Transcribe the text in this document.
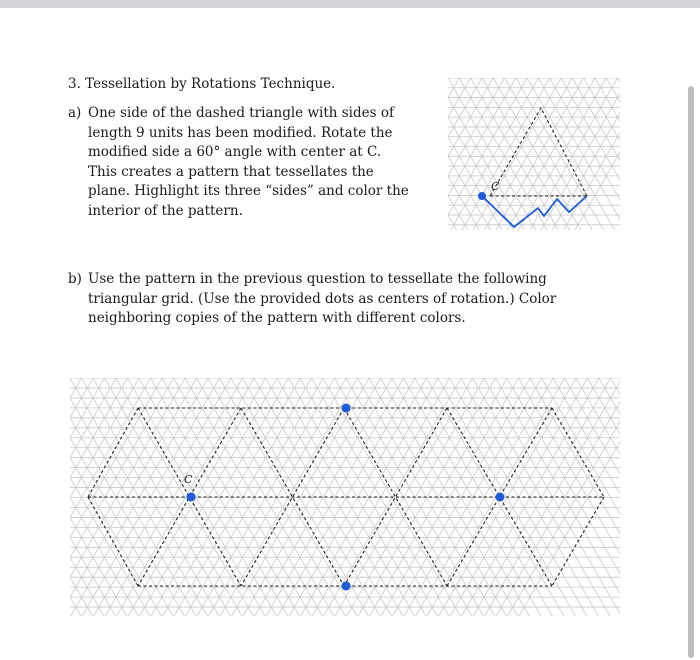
3. Tessellation by Rotations Technique.
a) One side of the dashed triangle with sides of length 9 units has been modified. Rotate the modified side a 60° angle with center at C. This creates a pattern that tessellates the plane. Highlight its three “sides” and color the interior of the pattern.
b) Use the pattern in the previous question to tessellate the following triangular grid. (Use the provided dots as centers of rotation.) Color neighboring copies of the pattern with different colors.
C
C
